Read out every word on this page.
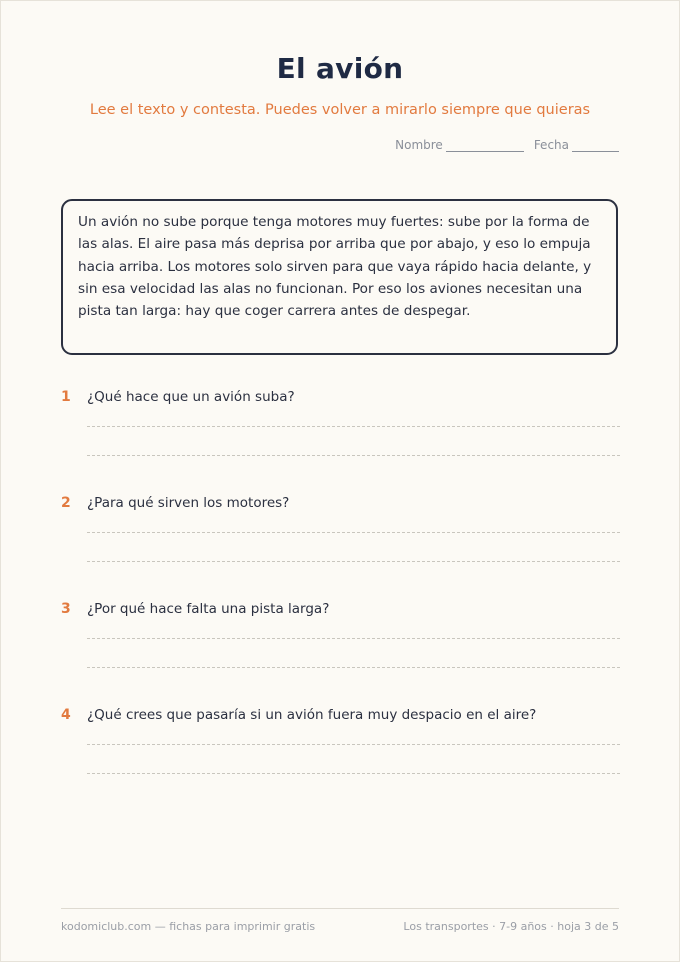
El avión
Lee el texto y contesta. Puedes volver a mirarlo siempre que quieras
Nombre	Fecha
Un avión no sube porque tenga motores muy fuertes: sube por la forma de las alas. El aire pasa más deprisa por arriba que por abajo, y eso lo empuja hacia arriba. Los motores solo sirven para que vaya rápido hacia delante, y sin esa velocidad las alas no funcionan. Por eso los aviones necesitan una pista tan larga: hay que coger carrera antes de despegar.
1	¿Qué hace que un avión suba?
2	¿Para qué sirven los motores?
3	¿Por qué hace falta una pista larga?
4	¿Qué crees que pasaría si un avión fuera muy despacio en el aire?
kodomiclub.com — fichas para imprimir gratis	Los transportes · 7-9 años · hoja 3 de 5
